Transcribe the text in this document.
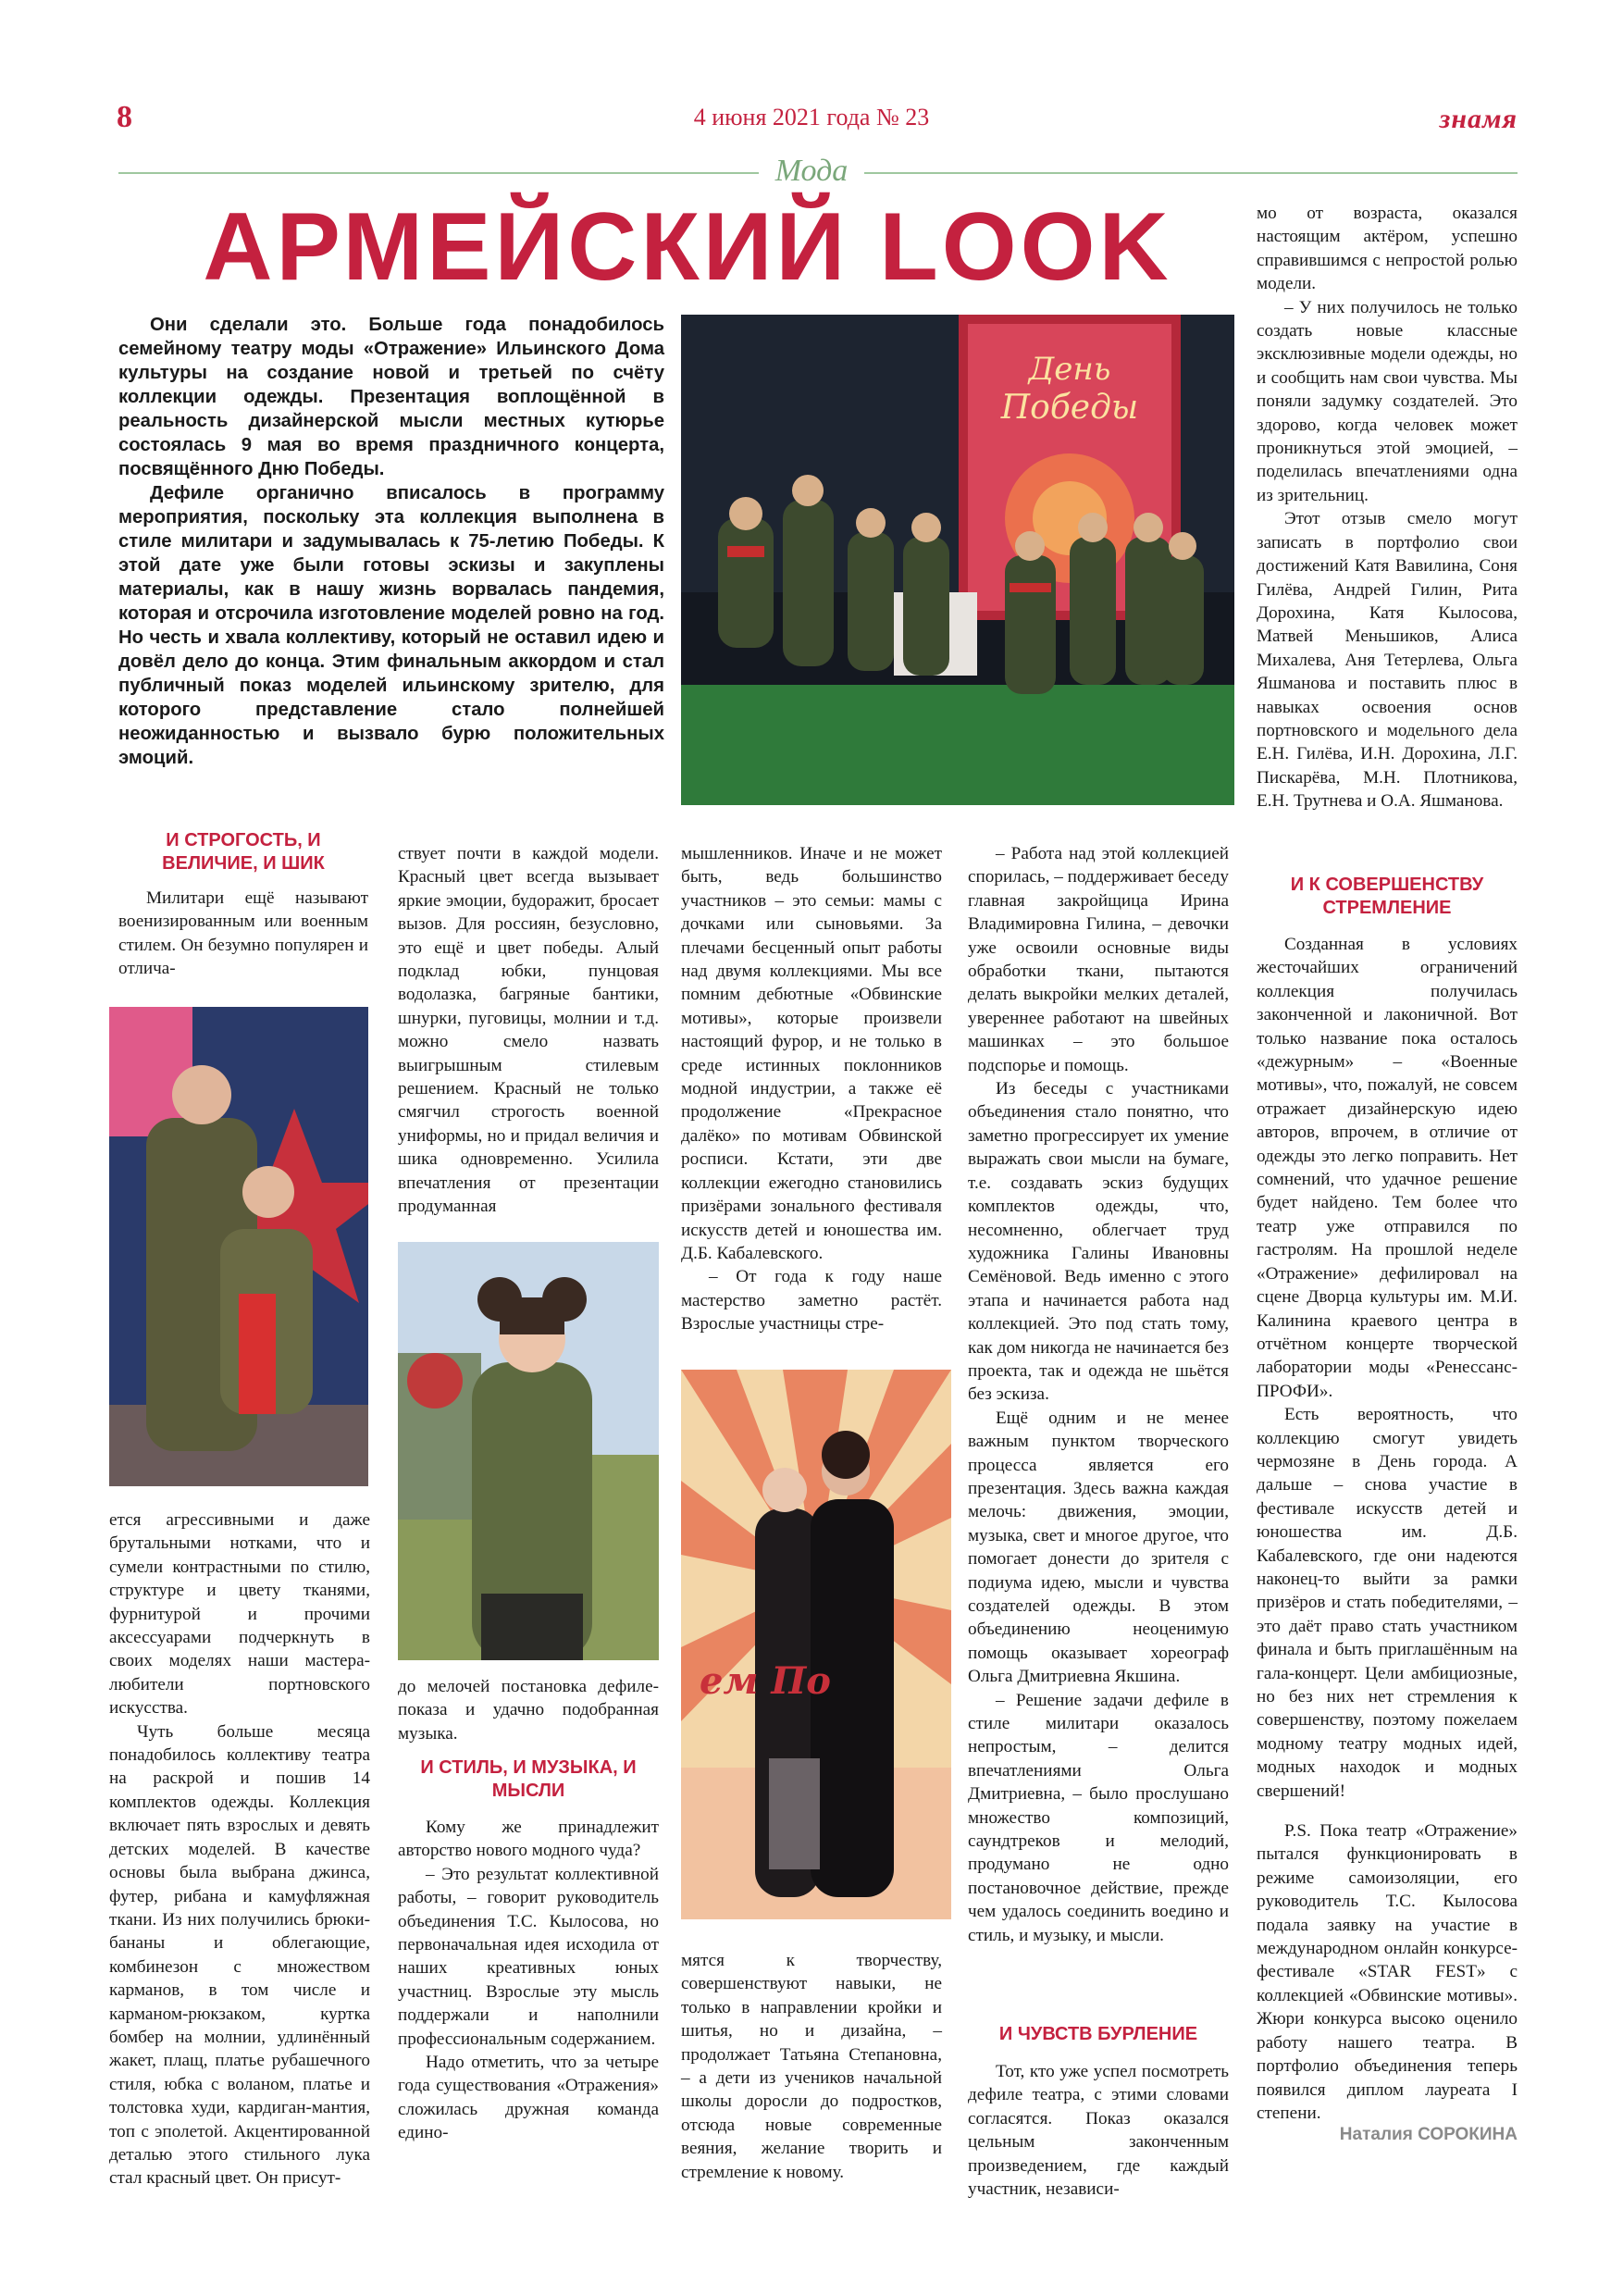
8	4 июня 2021 года № 23	знамя
Мода
АРМЕЙСКИЙ LOOK

Они сделали это. Больше года понадобилось семейному театру моды «Отражение» Ильинского Дома культуры на создание новой и третьей по счёту коллекции одежды. Презентация воплощённой в реальность дизайнерской мысли местных кутюрье состоялась 9 мая во время праздничного концерта, посвящённого Дню Победы.

Дефиле органично вписалось в программу мероприятия, поскольку эта коллекция выполнена в стиле милитари и задумывалась к 75-летию Победы. К этой дате уже были готовы эскизы и закуплены материалы, как в нашу жизнь ворвалась пандемия, которая и отсрочила изготовление моделей ровно на год. Но честь и хвала коллективу, который не оставил идею и довёл дело до конца. Этим финальным аккордом и стал публичный показ моделей ильинскому зрителю, для которого представление стало полнейшей неожиданностью и вызвало бурю положительных эмоций.

День
Победы
И СТРОГОСТЬ, И ВЕЛИЧИЕ, И ШИК

Милитари ещё называют военизированным или военным стилем. Он безумно популярен и отлича-

ется агрессивными и даже брутальными нотками, что и сумели контрастными по стилю, структуре и цвету тканями, фурнитурой и прочими аксессуарами подчеркнуть в своих моделях наши мастера-любители портновского искусства.

Чуть больше месяца понадобилось коллективу театра на раскрой и пошив 14 комплектов одежды. Коллекция включает пять взрослых и девять детских моделей. В качестве основы была выбрана джинса, футер, рибана и камуфляжная ткани. Из них получились брюки-бананы и облегающие, комбинезон с множеством карманов, в том числе и карманом-рюкзаком, куртка бомбер на молнии, удлинённый жакет, плащ, платье рубашечного стиля, юбка с воланом, платье и толстовка худи, кардиган-мантия, топ с эполетой. Акцентированной деталью этого стильного лука стал красный цвет. Он присут-

ствует почти в каждой модели. Красный цвет всегда вызывает яркие эмоции, будоражит, бросает вызов. Для россиян, безусловно, это ещё и цвет победы. Алый подклад юбки, пунцовая водолазка, багряные бантики, шнурки, пуговицы, молнии и т.д. можно смело назвать выигрышным стилевым решением. Красный не только смягчил строгость военной униформы, но и придал величия и шика одновременно. Усилила впечатления от презентации продуманная

до мелочей постановка дефиле-показа и удачно подобранная музыка.

И СТИЛЬ, И МУЗЫКА, И МЫСЛИ

Кому же принадлежит авторство нового модного чуда?

– Это результат коллективной работы, – говорит руководитель объединения Т.С. Кылосова, но первоначальная идея исходила от наших креативных юных участниц. Взрослые эту мысль поддержали и наполнили профессиональным содержанием.

Надо отметить, что за четыре года существования «Отражения» сложилась дружная команда едино-

мышленников. Иначе и не может быть, ведь большинство участников – это семьи: мамы с дочками или сыновьями. За плечами бесценный опыт работы над двумя коллекциями. Мы все помним дебютные «Обвинские мотивы», которые произвели настоящий фурор, и не только в среде истинных поклонников модной индустрии, а также её продолжение «Прекрасное далёко» по мотивам Обвинской росписи. Кстати, эти две коллекции ежегодно становились призёрами зонального фестиваля искусств детей и юношества им. Д.Б. Кабалевского.

– От года к году наше мастерство заметно растёт. Взрослые участницы стре-

ем По

мятся к творчеству, совершенствуют навыки, не только в направлении кройки и шитья, но и дизайна, – продолжает Татьяна Степановна, – а дети из учеников начальной школы доросли до подростков, отсюда новые современные веяния, желание творить и стремление к новому.

– Работа над этой коллекцией спорилась, – поддерживает беседу главная закройщица Ирина Владимировна Гилина, – девочки уже освоили основные виды обработки ткани, пытаются делать выкройки мелких деталей, увереннее работают на швейных машинках – это большое подспорье и помощь.

Из беседы с участниками объединения стало понятно, что заметно прогрессирует их умение выражать свои мысли на бумаге, т.е. создавать эскиз будущих комплектов одежды, что, несомненно, облегчает труд художника Галины Ивановны Семёновой. Ведь именно с этого этапа и начинается работа над коллекцией. Это под стать тому, как дом никогда не начинается без проекта, так и одежда не шьётся без эскиза.

Ещё одним и не менее важным пунктом творческого процесса является его презентация. Здесь важна каждая мелочь: движения, эмоции, музыка, свет и многое другое, что помогает донести до зрителя с подиума идею, мысли и чувства создателей одежды. В этом объединению неоценимую помощь оказывает хореограф Ольга Дмитриевна Якшина.

– Решение задачи дефиле в стиле милитари оказалось непростым, – делится впечатлениями Ольга Дмитриевна, – было прослушано множество композиций, саундтреков и мелодий, продумано не одно постановочное действие, прежде чем удалось соединить воедино и стиль, и музыку, и мысли.

И ЧУВСТВ БУРЛЕНИЕ

Тот, кто уже успел посмотреть дефиле театра, с этими словами согласятся. Показ оказался цельным законченным произведением, где каждый участник, независи-

мо от возраста, оказался настоящим актёром, успешно справившимся с непростой ролью модели.

– У них получилось не только создать новые классные эксклюзивные модели одежды, но и сообщить нам свои чувства. Мы поняли задумку создателей. Это здорово, когда человек может проникнуться этой эмоцией, – поделилась впечатлениями одна из зрительниц.

Этот отзыв смело могут записать в портфолио свои достижений Катя Вавилина, Соня Гилёва, Андрей Гилин, Рита Дорохина, Катя Кылосова, Матвей Меньшиков, Алиса Михалева, Аня Тетерлева, Ольга Яшманова и поставить плюс в навыках освоения основ портновского и модельного дела Е.Н. Гилёва, И.Н. Дорохина, Л.Г. Пискарёва, М.Н. Плотникова, Е.Н. Трутнева и О.А. Яшманова.

И К СОВЕРШЕНСТВУ СТРЕМЛЕНИЕ

Созданная в условиях жесточайших ограничений коллекция получилась законченной и лаконичной. Вот только название пока осталось «дежурным» – «Военные мотивы», что, пожалуй, не совсем отражает дизайнерскую идею авторов, впрочем, в отличие от одежды это легко поправить. Нет сомнений, что удачное решение будет найдено. Тем более что театр уже отправился по гастролям. На прошлой неделе «Отражение» дефилировал на сцене Дворца культуры им. М.И. Калинина краевого центра в отчётном концерте творческой лаборатории моды «Ренессанс-ПРОФИ».

Есть вероятность, что коллекцию смогут увидеть чермозяне в День города. А дальше – снова участие в фестивале искусств детей и юношества им. Д.Б. Кабалевского, где они надеются наконец-то выйти за рамки призёров и стать победителями, – это даёт право стать участником финала и быть приглашённым на гала-концерт. Цели амбициозные, но без них нет стремления к совершенству, поэтому пожелаем модному театру модных идей, модных находок и модных свершений!

P.S. Пока театр «Отражение» пытался функционировать в режиме самоизоляции, его руководитель Т.С. Кылосова подала заявку на участие в международном онлайн конкурсе-фестивале «STAR FEST» с коллекцией «Обвинские мотивы». Жюри конкурса высоко оценило работу нашего театра. В портфолио объединения теперь появился диплом лауреата I степени.

Наталия СОРОКИНА
